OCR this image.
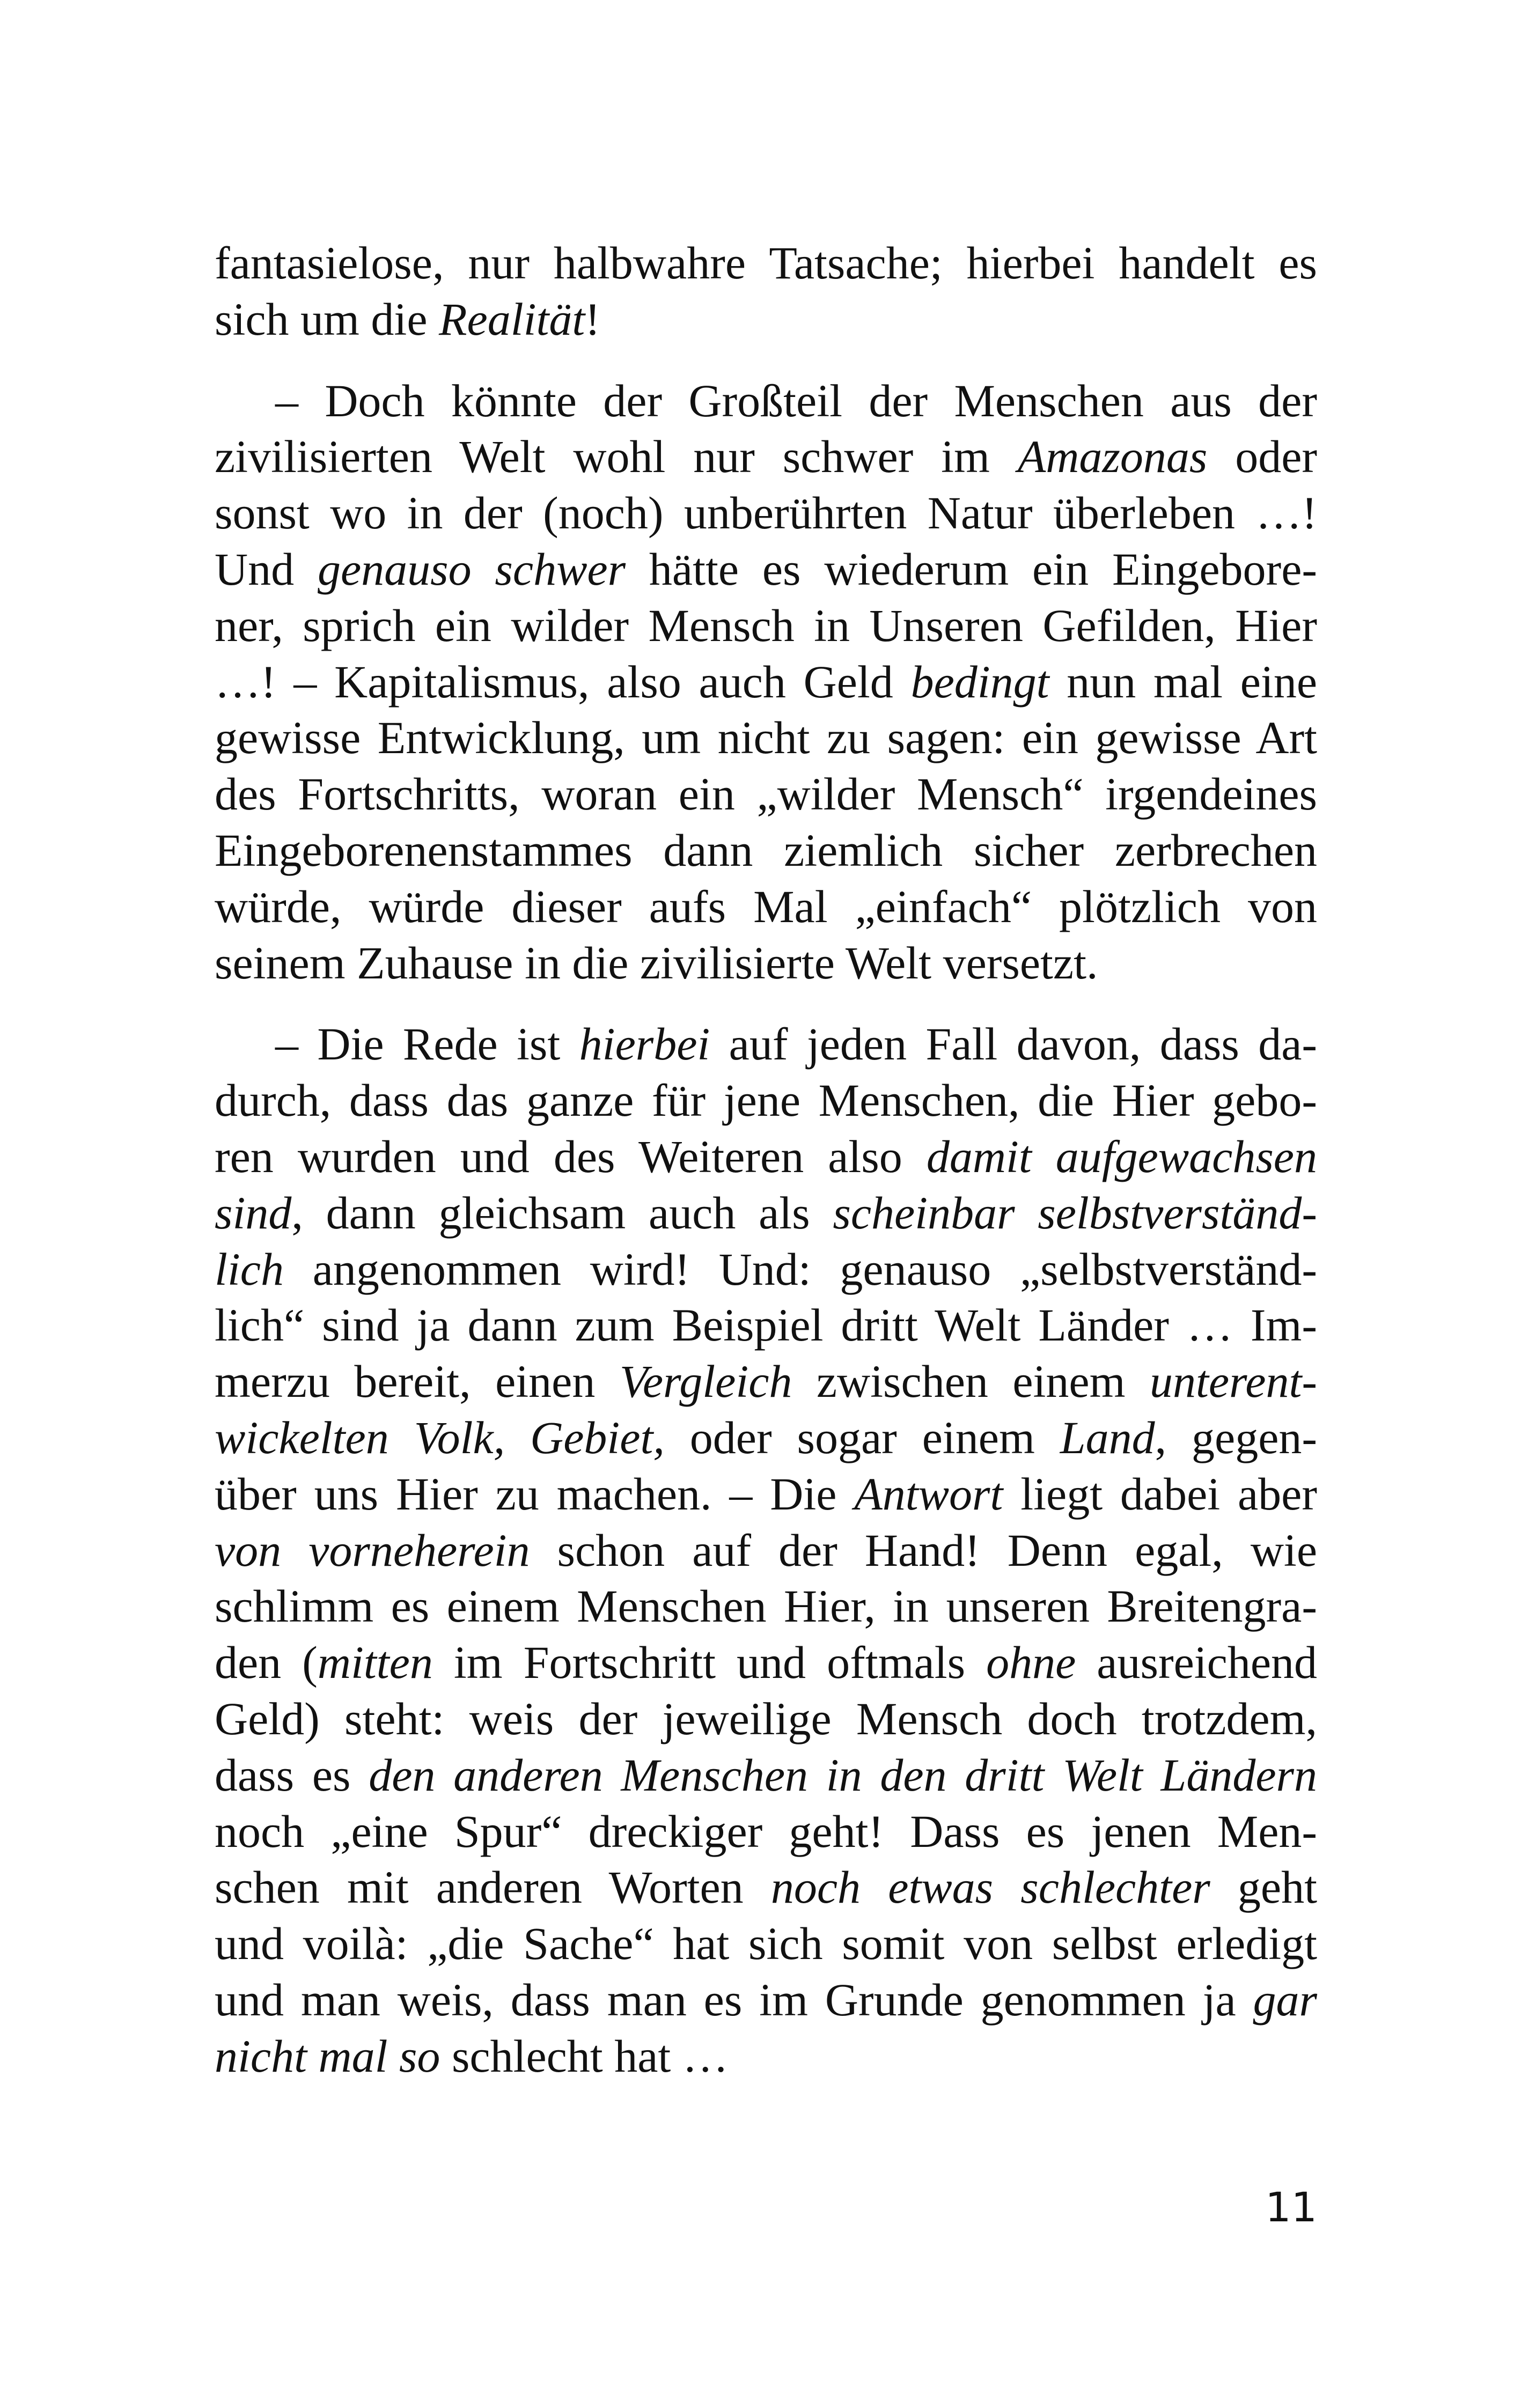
fantasielose, nur halbwahre Tatsache; hierbei handelt es
sich um die Realität!
– Doch könnte der Großteil der Menschen aus der
zivilisierten Welt wohl nur schwer im Amazonas oder
sonst wo in der (noch) unberührten Natur überleben …!
Und genauso schwer hätte es wiederum ein Eingebore-
ner, sprich ein wilder Mensch in Unseren Gefilden, Hier
…! – Kapitalismus, also auch Geld bedingt nun mal eine
gewisse Entwicklung, um nicht zu sagen: ein gewisse Art
des Fortschritts, woran ein „wilder Mensch“ irgendeines
Eingeborenenstammes dann ziemlich sicher zerbrechen
würde, würde dieser aufs Mal „einfach“ plötzlich von
seinem Zuhause in die zivilisierte Welt versetzt.
– Die Rede ist hierbei auf jeden Fall davon, dass da-
durch, dass das ganze für jene Menschen, die Hier gebo-
ren wurden und des Weiteren also damit aufgewachsen
sind, dann gleichsam auch als scheinbar selbstverständ-
lich angenommen wird! Und: genauso „selbstverständ-
lich“ sind ja dann zum Beispiel dritt Welt Länder … Im-
merzu bereit, einen Vergleich zwischen einem unterent-
wickelten Volk, Gebiet, oder sogar einem Land, gegen-
über uns Hier zu machen. – Die Antwort liegt dabei aber
von vorneherein schon auf der Hand! Denn egal, wie
schlimm es einem Menschen Hier, in unseren Breitengra-
den (mitten im Fortschritt und oftmals ohne ausreichend
Geld) steht: weis der jeweilige Mensch doch trotzdem,
dass es den anderen Menschen in den dritt Welt Ländern
noch „eine Spur“ dreckiger geht! Dass es jenen Men-
schen mit anderen Worten noch etwas schlechter geht
und voilà: „die Sache“ hat sich somit von selbst erledigt
und man weis, dass man es im Grunde genommen ja gar
nicht mal so schlecht hat …
11
